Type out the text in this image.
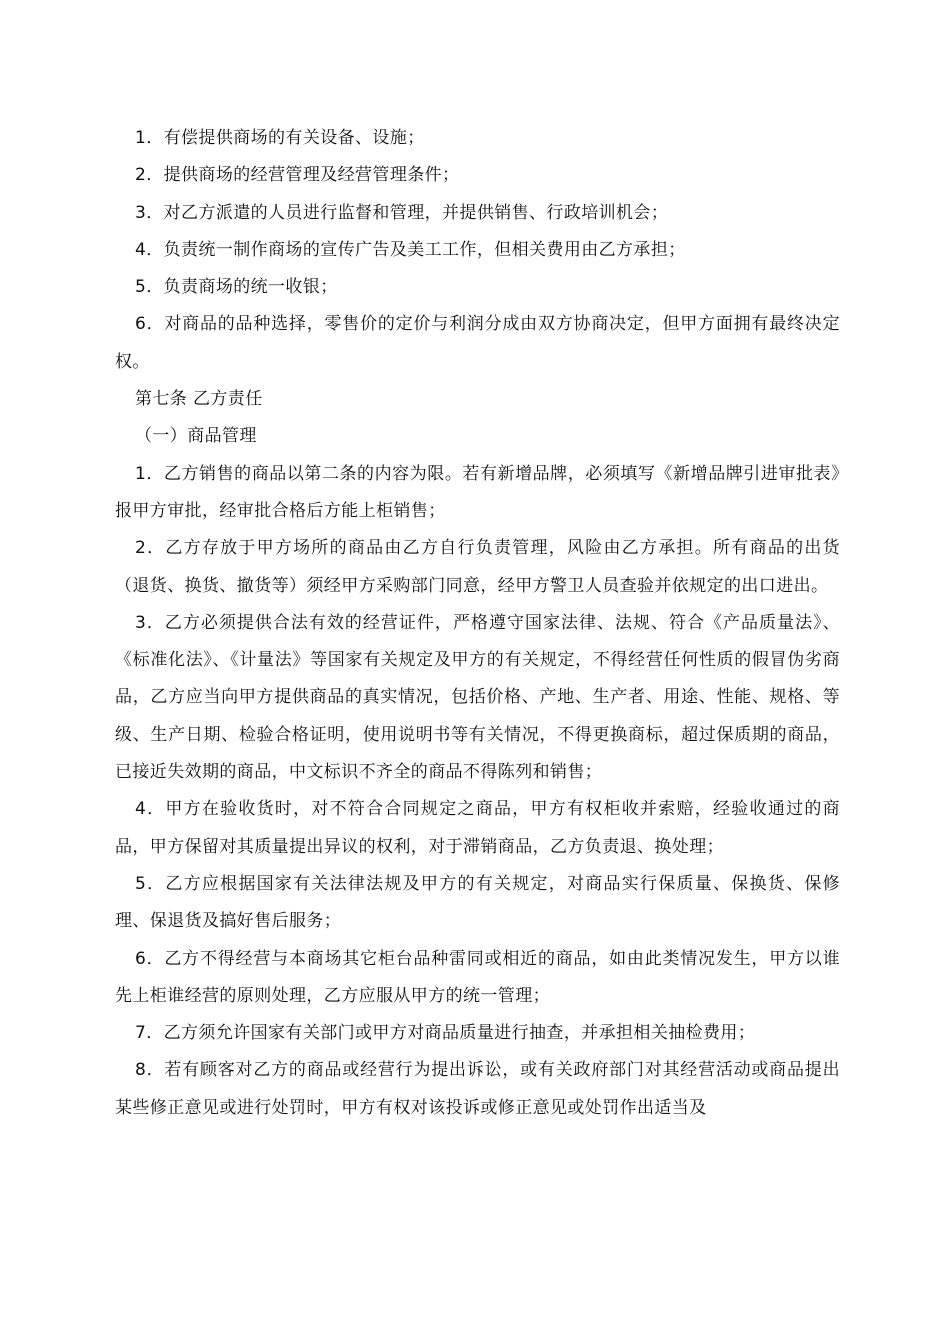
1．有偿提供商场的有关设备、设施；

2．提供商场的经营管理及经营管理条件；

3．对乙方派遣的人员进行监督和管理，并提供销售、行政培训机会；

4．负责统一制作商场的宣传广告及美工工作，但相关费用由乙方承担；

5．负责商场的统一收银；

6．对商品的品种选择，零售价的定价与利润分成由双方协商决定，但甲方面拥有最终决定权。

第七条 乙方责任

（一）商品管理

1．乙方销售的商品以第二条的内容为限。若有新增品牌，必须填写《新增品牌引进审批表》报甲方审批，经审批合格后方能上柜销售；

2．乙方存放于甲方场所的商品由乙方自行负责管理，风险由乙方承担。所有商品的出货（退货、换货、撤货等）须经甲方采购部门同意，经甲方警卫人员查验并依规定的出口进出。

3．乙方必须提供合法有效的经营证件，严格遵守国家法律、法规、符合《产品质量法》、《标准化法》、《计量法》等国家有关规定及甲方的有关规定，不得经营任何性质的假冒伪劣商品，乙方应当向甲方提供商品的真实情况，包括价格、产地、生产者、用途、性能、规格、等级、生产日期、检验合格证明，使用说明书等有关情况，不得更换商标，超过保质期的商品，已接近失效期的商品，中文标识不齐全的商品不得陈列和销售；

4．甲方在验收货时，对不符合合同规定之商品，甲方有权柜收并索赔，经验收通过的商品，甲方保留对其质量提出异议的权利，对于滞销商品，乙方负责退、换处理；

5．乙方应根据国家有关法律法规及甲方的有关规定，对商品实行保质量、保换货、保修理、保退货及搞好售后服务；

6．乙方不得经营与本商场其它柜台品种雷同或相近的商品，如由此类情况发生，甲方以谁先上柜谁经营的原则处理，乙方应服从甲方的统一管理；

7．乙方须允许国家有关部门或甲方对商品质量进行抽查，并承担相关抽检费用；

8．若有顾客对乙方的商品或经营行为提出诉讼，或有关政府部门对其经营活动或商品提出某些修正意见或进行处罚时，甲方有权对该投诉或修正意见或处罚作出适当及
